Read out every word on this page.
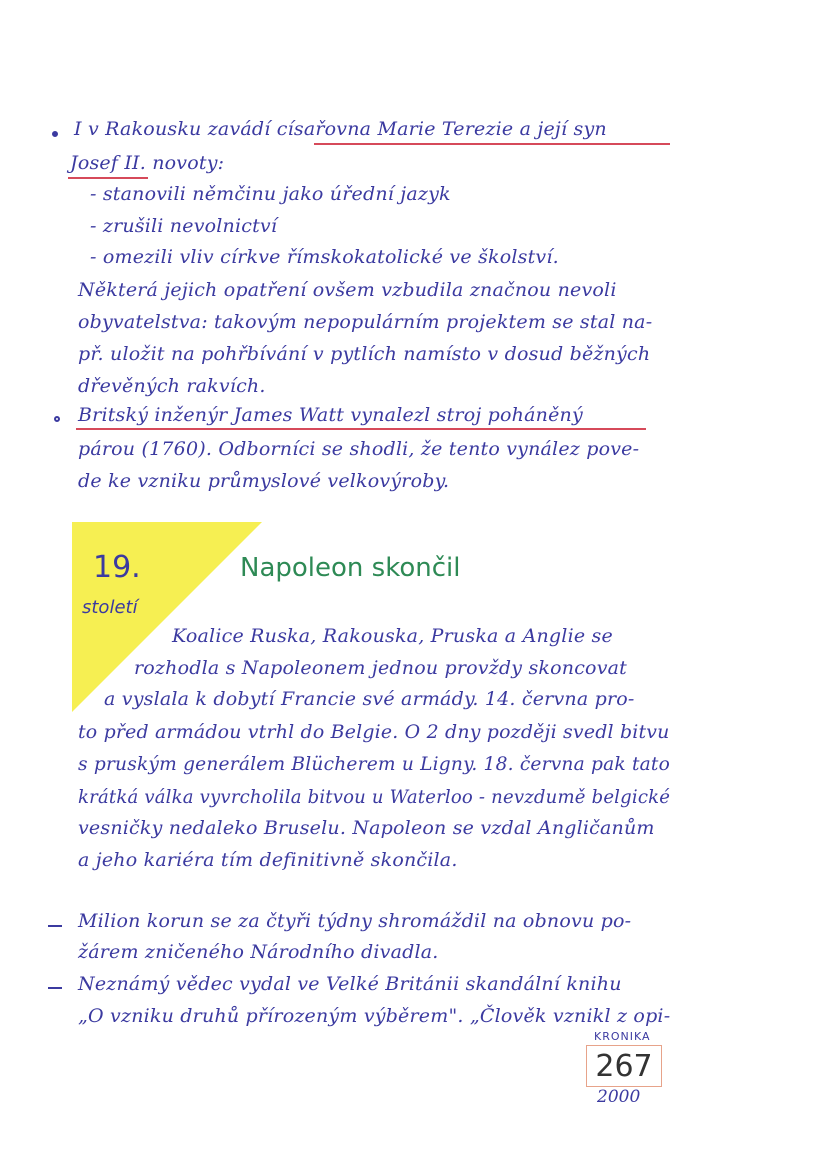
I v Rakousku zavádí císařovna Marie Terezie a její syn
Josef II. novoty:
- stanovili němčinu jako úřední jazyk
- zrušili nevolnictví
- omezili vliv církve římskokatolické ve školství.
Některá jejich opatření ovšem vzbudila značnou nevoli
obyvatelstva: takovým nepopulárním projektem se stal na-
př. uložit na pohřbívání v pytlích namísto v dosud běžných
dřevěných rakvích.
Britský inženýr James Watt vynalezl stroj poháněný
párou (1760). Odborníci se shodli, že tento vynález pove-
de ke vzniku průmyslové velkovýroby.
19.
století
Napoleon skončil
Koalice Ruska, Rakouska, Pruska a Anglie se
rozhodla s Napoleonem jednou provždy skoncovat
a vyslala k dobytí Francie své armády. 14. června pro-
to před armádou vtrhl do Belgie. O 2 dny později svedl bitvu
s pruským generálem Blücherem u Ligny. 18. června pak tato
krátká válka vyvrcholila bitvou u Waterloo - nevzdumě belgické
vesničky nedaleko Bruselu. Napoleon se vzdal Angličanům
a jeho kariéra tím definitivně skončila.
Milion korun se za čtyři týdny shromáždil na obnovu po-
žárem zničeného Národního divadla.
Neznámý vědec vydal ve Velké Británii skandální knihu
„O vzniku druhů přírozeným výběrem". „Člověk vznikl z opi-
KRONIKA
267
2000
